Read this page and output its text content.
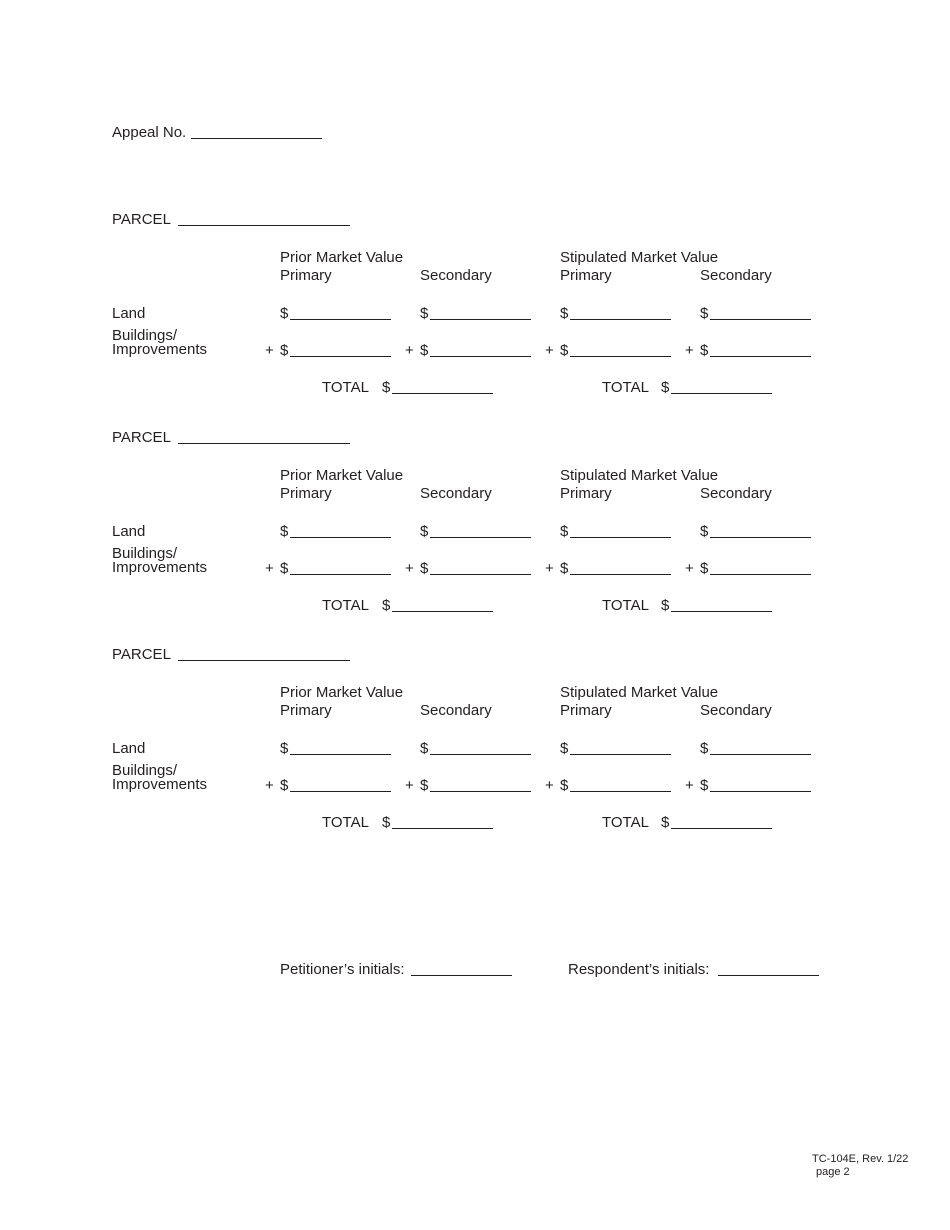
Appeal No.
PARCEL
Prior Market Value	Stipulated Market Value
Primary	Secondary	Primary	Secondary
Land	$	$	$	$
Buildings/
Improvements	+ $	+ $	+ $	+ $
TOTAL $	TOTAL $
PARCEL
Prior Market Value	Stipulated Market Value
Primary	Secondary	Primary	Secondary
Land	$	$	$	$
Buildings/
Improvements	+ $	+ $	+ $	+ $
TOTAL $	TOTAL $
PARCEL
Prior Market Value	Stipulated Market Value
Primary	Secondary	Primary	Secondary
Land	$	$	$	$
Buildings/
Improvements	+ $	+ $	+ $	+ $
TOTAL $	TOTAL $
Petitioner’s initials:	Respondent’s initials:
TC-104E, Rev. 1/22
page 2
